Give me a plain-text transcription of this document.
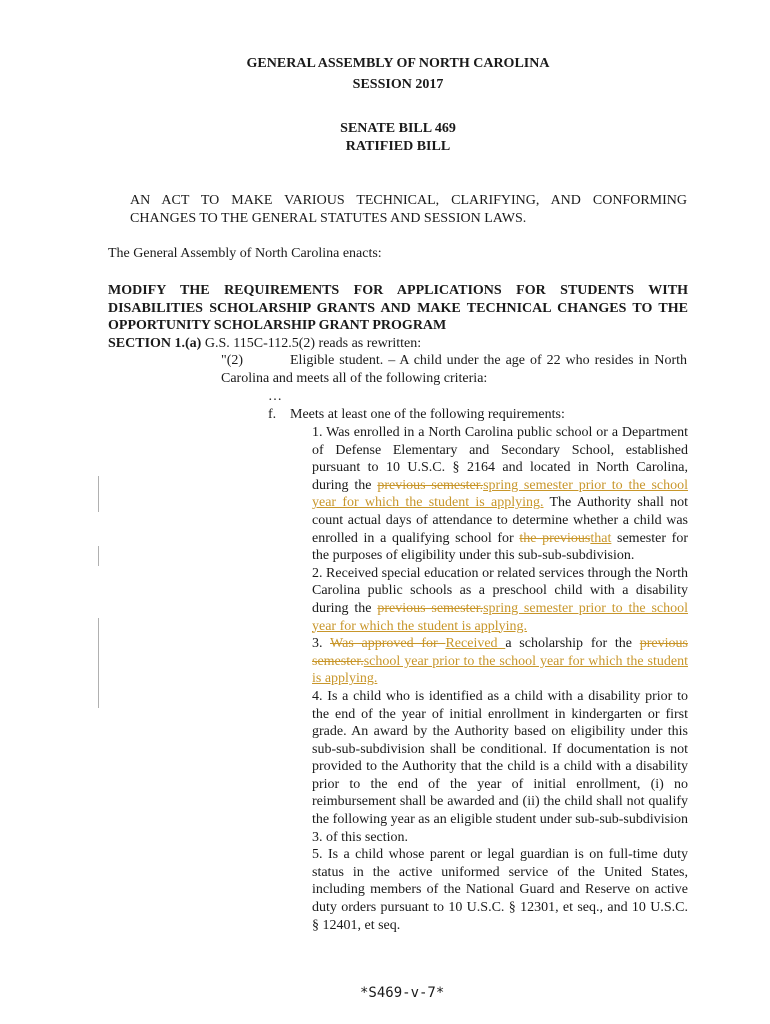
GENERAL ASSEMBLY OF NORTH CAROLINA
SESSION 2017
SENATE BILL 469
RATIFIED BILL
AN ACT TO MAKE VARIOUS TECHNICAL, CLARIFYING, AND CONFORMING CHANGES TO THE GENERAL STATUTES AND SESSION LAWS.
The General Assembly of North Carolina enacts:
MODIFY THE REQUIREMENTS FOR APPLICATIONS FOR STUDENTS WITH DISABILITIES SCHOLARSHIP GRANTS AND MAKE TECHNICAL CHANGES TO THE OPPORTUNITY SCHOLARSHIP GRANT PROGRAM
SECTION 1.(a) G.S. 115C-112.5(2) reads as rewritten:
"(2)	Eligible student. – A child under the age of 22 who resides in North Carolina and meets all of the following criteria:
…
f. Meets at least one of the following requirements:
1. Was enrolled in a North Carolina public school or a Department of Defense Elementary and Secondary School, established pursuant to 10 U.S.C. § 2164 and located in North Carolina, during the previous semester.spring semester prior to the school year for which the student is applying. The Authority shall not count actual days of attendance to determine whether a child was enrolled in a qualifying school for the previousthat semester for the purposes of eligibility under this sub-sub-subdivision.
2. Received special education or related services through the North Carolina public schools as a preschool child with a disability during the previous semester.spring semester prior to the school year for which the student is applying.
3. Was approved for Received a scholarship for the previous semester.school year prior to the school year for which the student is applying.
4. Is a child who is identified as a child with a disability prior to the end of the year of initial enrollment in kindergarten or first grade. An award by the Authority based on eligibility under this sub-sub-subdivision shall be conditional. If documentation is not provided to the Authority that the child is a child with a disability prior to the end of the year of initial enrollment, (i) no reimbursement shall be awarded and (ii) the child shall not qualify the following year as an eligible student under sub-sub-subdivision 3. of this section.
5. Is a child whose parent or legal guardian is on full-time duty status in the active uniformed service of the United States, including members of the National Guard and Reserve on active duty orders pursuant to 10 U.S.C. § 12301, et seq., and 10 U.S.C. § 12401, et seq.
*S469-v-7*
